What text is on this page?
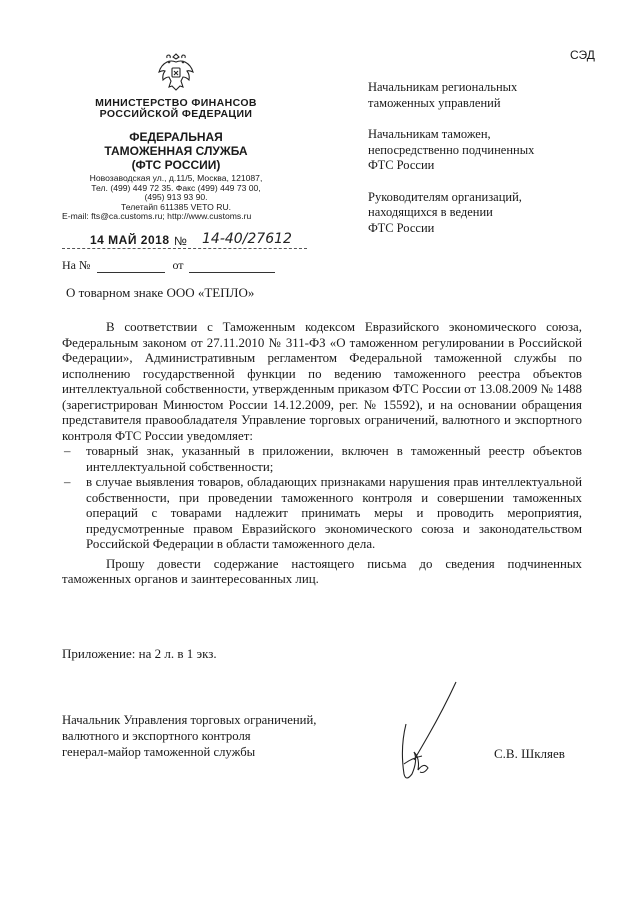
СЭД
МИНИСТЕРСТВО ФИНАНСОВ
РОССИЙСКОЙ ФЕДЕРАЦИИ
ФЕДЕРАЛЬНАЯ
ТАМОЖЕННАЯ СЛУЖБА
(ФТС РОССИИ)
Новозаводская ул., д.11/5, Москва, 121087,
Тел. (499) 449 72 35. Факс (499) 449 73 00,
(495) 913 93 90.
Телетайп 611385 VETO RU.
E-mail: fts@ca.customs.ru; http://www.customs.ru
14 МАЙ 2018 № 14-40/27612
На №	от
Начальникам региональных
таможенных управлений
Начальникам таможен,
непосредственно подчиненных
ФТС России
Руководителям организаций,
находящихся в ведении
ФТС России
О товарном знаке ООО «ТЕПЛО»

В соответствии с Таможенным кодексом Евразийского экономического союза, Федеральным законом от 27.11.2010 № 311-ФЗ «О таможенном регулировании в Российской Федерации», Административным регламентом Федеральной таможенной службы по исполнению государственной функции по ведению таможенного реестра объектов интеллектуальной собственности, утвержденным приказом ФТС России от 13.08.2009 № 1488 (зарегистрирован Минюстом России 14.12.2009, рег. № 15592), и на основании обращения представителя правообладателя Управление торговых ограничений, валютного и экспортного контроля ФТС России уведомляет:

– товарный знак, указанный в приложении, включен в таможенный реестр объектов интеллектуальной собственности;

– в случае выявления товаров, обладающих признаками нарушения прав интеллектуальной собственности, при проведении таможенного контроля и совершении таможенных операций с товарами надлежит принимать меры и проводить мероприятия, предусмотренные правом Евразийского экономического союза и законодательством Российской Федерации в области таможенного дела.

Прошу довести содержание настоящего письма до сведения подчиненных таможенных органов и заинтересованных лиц.

Приложение: на 2 л. в 1 экз.
Начальник Управления торговых ограничений,
валютного и экспортного контроля
генерал-майор таможенной службы	С.В. Шкляев
